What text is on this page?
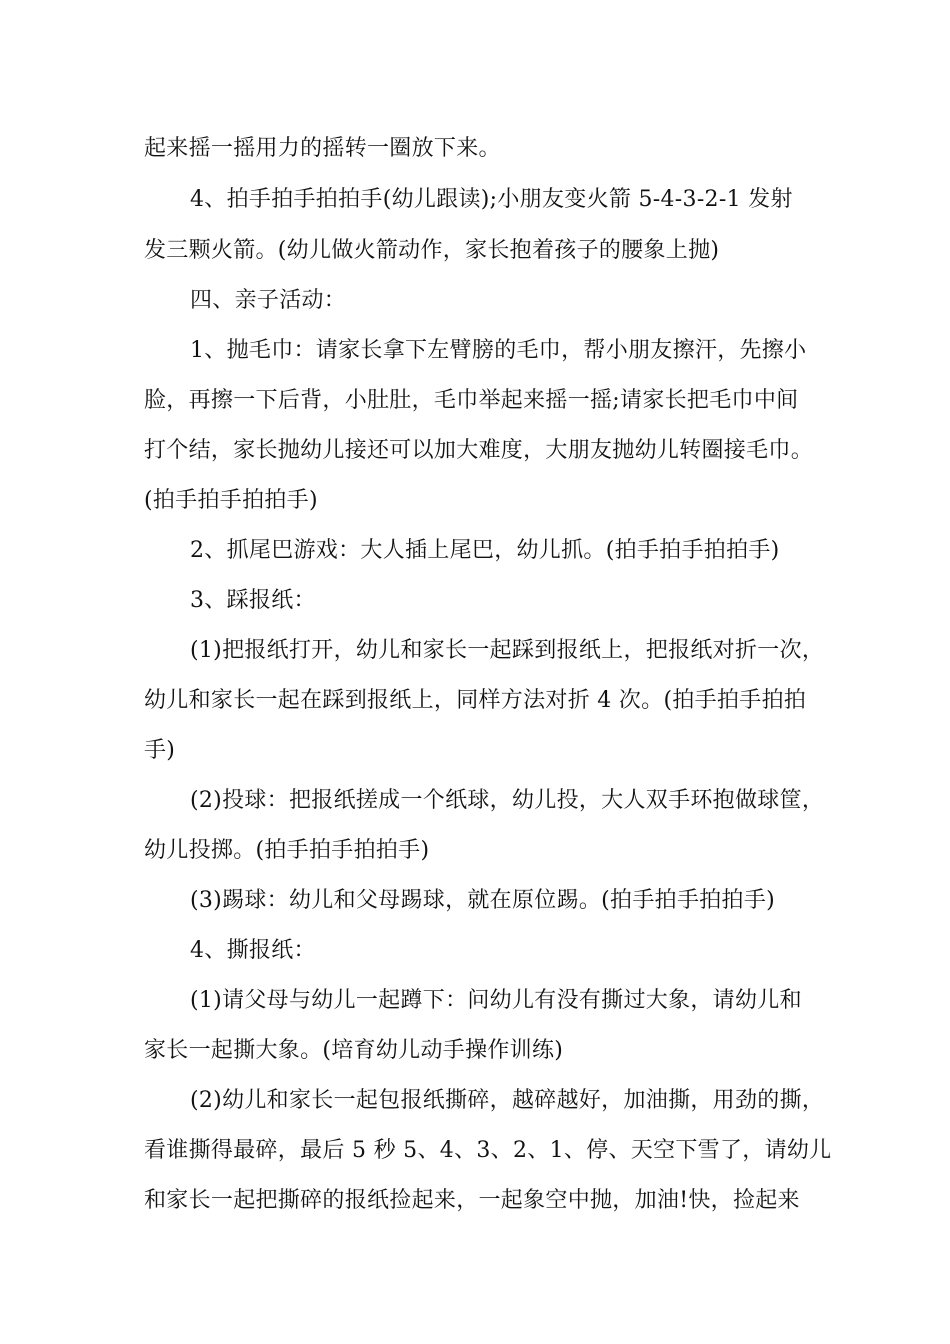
起来摇一摇用力的摇转一圈放下来。
4、拍手拍手拍拍手(幼儿跟读);小朋友变火箭 5-4-3-2-1 发射
发三颗火箭。(幼儿做火箭动作，家长抱着孩子的腰象上抛)
四、亲子活动：
1、抛毛巾：请家长拿下左臂膀的毛巾，帮小朋友擦汗，先擦小
脸，再擦一下后背，小肚肚，毛巾举起来摇一摇;请家长把毛巾中间
打个结，家长抛幼儿接还可以加大难度，大朋友抛幼儿转圈接毛巾。
(拍手拍手拍拍手)
2、抓尾巴游戏：大人插上尾巴，幼儿抓。(拍手拍手拍拍手)
3、踩报纸：
(1)把报纸打开，幼儿和家长一起踩到报纸上，把报纸对折一次，
幼儿和家长一起在踩到报纸上，同样方法对折 4 次。(拍手拍手拍拍
手)
(2)投球：把报纸搓成一个纸球，幼儿投，大人双手环抱做球筐，
幼儿投掷。(拍手拍手拍拍手)
(3)踢球：幼儿和父母踢球，就在原位踢。(拍手拍手拍拍手)
4、撕报纸：
(1)请父母与幼儿一起蹲下：问幼儿有没有撕过大象，请幼儿和
家长一起撕大象。(培育幼儿动手操作训练)
(2)幼儿和家长一起包报纸撕碎，越碎越好，加油撕，用劲的撕，
看谁撕得最碎，最后 5 秒 5、4、3、2、1、停、天空下雪了，请幼儿
和家长一起把撕碎的报纸捡起来，一起象空中抛，加油!快，捡起来
